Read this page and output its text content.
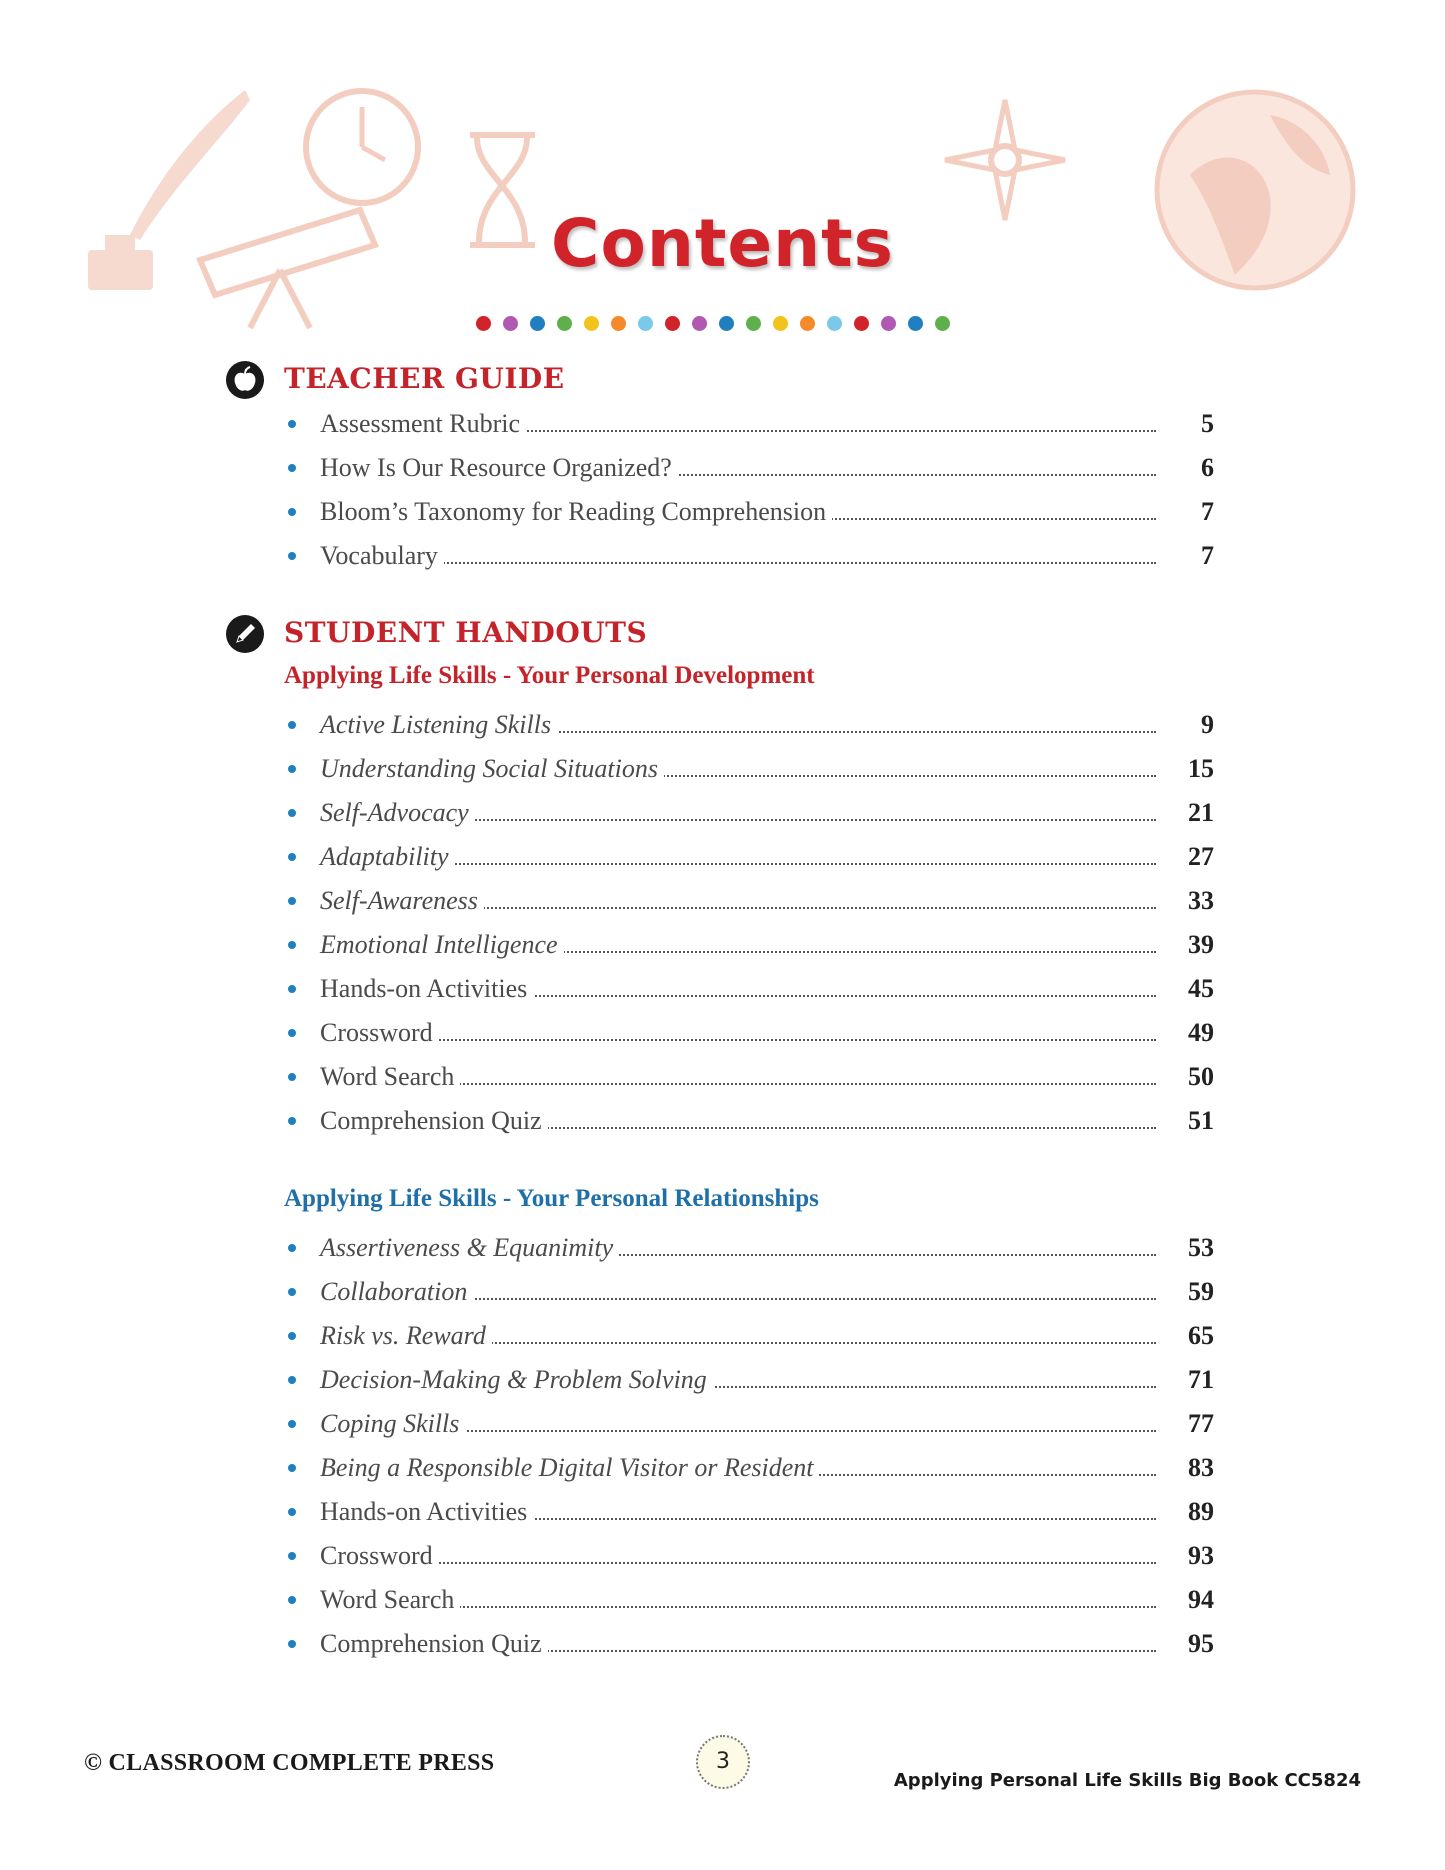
Contents
TEACHER GUIDE
Assessment Rubric	5
How Is Our Resource Organized?	6
Bloom’s Taxonomy for Reading Comprehension	7
Vocabulary	7
STUDENT HANDOUTS
Applying Life Skills - Your Personal Development
Active Listening Skills	9
Understanding Social Situations	15
Self-Advocacy	21
Adaptability	27
Self-Awareness	33
Emotional Intelligence	39
Hands-on Activities	45
Crossword	49
Word Search	50
Comprehension Quiz	51
Applying Life Skills - Your Personal Relationships
Assertiveness & Equanimity	53
Collaboration	59
Risk vs. Reward	65
Decision-Making & Problem Solving	71
Coping Skills	77
Being a Responsible Digital Visitor or Resident	83
Hands-on Activities	89
Crossword	93
Word Search	94
Comprehension Quiz	95
© CLASSROOM COMPLETE PRESS	3
Applying Personal Life Skills Big Book CC5824
